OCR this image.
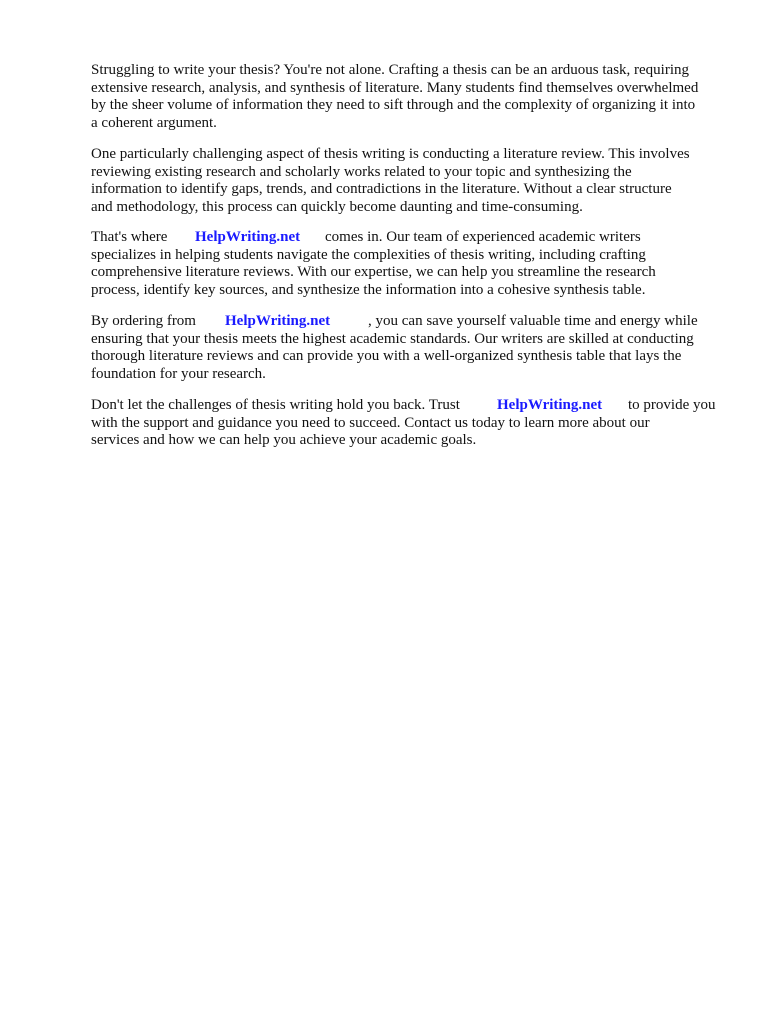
Struggling to write your thesis? You're not alone. Crafting a thesis can be an arduous task, requiring
extensive research, analysis, and synthesis of literature. Many students find themselves overwhelmed
by the sheer volume of information they need to sift through and the complexity of organizing it into
a coherent argument.
One particularly challenging aspect of thesis writing is conducting a literature review. This involves
reviewing existing research and scholarly works related to your topic and synthesizing the
information to identify gaps, trends, and contradictions in the literature. Without a clear structure
and methodology, this process can quickly become daunting and time-consuming.
That's where HelpWriting.net comes in. Our team of experienced academic writers
specializes in helping students navigate the complexities of thesis writing, including crafting
comprehensive literature reviews. With our expertise, we can help you streamline the research
process, identify key sources, and synthesize the information into a cohesive synthesis table.
By ordering from HelpWriting.net	, you can save yourself valuable time and energy while
ensuring that your thesis meets the highest academic standards. Our writers are skilled at conducting
thorough literature reviews and can provide you with a well-organized synthesis table that lays the
foundation for your research.
Don't let the challenges of thesis writing hold you back. Trust HelpWriting.net to provide you
with the support and guidance you need to succeed. Contact us today to learn more about our
services and how we can help you achieve your academic goals.
